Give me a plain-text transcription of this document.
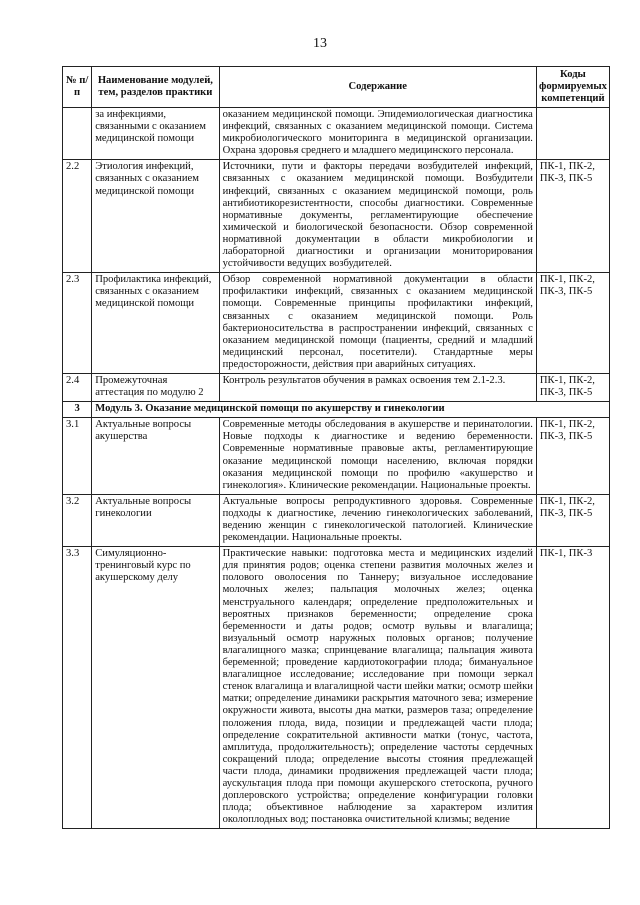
13
№ п/п	Наименование модулей, тем, разделов практики	Содержание	Коды формируемых компетенций
	за инфекциями, связанными с оказанием медицинской помощи	оказанием медицинской помощи. Эпидемиологическая диагностика инфекций, связанных с оказанием медицинской помощи. Система микробиологического мониторинга в медицинской организации. Охрана здоровья среднего и младшего медицинского персонала.	
2.2	Этиология инфекций, связанных с оказанием медицинской помощи	Источники, пути и факторы передачи возбудителей инфекций, связанных с оказанием медицинской помощи. Возбудители инфекций, связанных с оказанием медицинской помощи, роль антибиотикорезистентности, способы диагностики. Современные нормативные документы, регламентирующие обеспечение химической и биологической безопасности. Обзор современной нормативной документации в области микробиологии и лабораторной диагностики и организации мониторирования устойчивости ведущих возбудителей.	ПК-1, ПК-2, ПК-3, ПК-5
2.3	Профилактика инфекций, связанных с оказанием медицинской помощи	Обзор современной нормативной документации в области профилактики инфекций, связанных с оказанием медицинской помощи. Современные принципы профилактики инфекций, связанных с оказанием медицинской помощи. Роль бактерионосительства в распространении инфекций, связанных с оказанием медицинской помощи (пациенты, средний и младший медицинский персонал, посетители). Стандартные меры предосторожности, действия при аварийных ситуациях.	ПК-1, ПК-2, ПК-3, ПК-5
2.4	Промежуточная аттестация по модулю 2	Контроль результатов обучения в рамках освоения тем 2.1-2.3.	ПК-1, ПК-2, ПК-3, ПК-5
3	Модуль 3. Оказание медицинской помощи по акушерству и гинекологии		
3.1	Актуальные вопросы акушерства	Современные методы обследования в акушерстве и перинатологии. Новые подходы к диагностике и ведению беременности. Современные нормативные правовые акты, регламентирующие оказание медицинской помощи населению, включая порядки оказания медицинской помощи по профилю «акушерство и гинекология». Клинические рекомендации. Национальные проекты.	ПК-1, ПК-2, ПК-3, ПК-5
3.2	Актуальные вопросы гинекологии	Актуальные вопросы репродуктивного здоровья. Современные подходы к диагностике, лечению гинекологических заболеваний, ведению женщин с гинекологической патологией. Клинические рекомендации. Национальные проекты.	ПК-1, ПК-2, ПК-3, ПК-5
3.3	Симуляционно-тренинговый курс по акушерскому делу	Практические навыки: подготовка места и медицинских изделий для принятия родов; оценка степени развития молочных желез и полового оволосения по Таннеру; визуальное исследование молочных желез; пальпация молочных желез; оценка менструального календаря; определение предположительных и вероятных признаков беременности; определение срока беременности и даты родов; осмотр вульвы и влагалища; визуальный осмотр наружных половых органов; получение влагалищного мазка; спринцевание влагалища; пальпация живота беременной; проведение кардиотокографии плода; бимануальное влагалищное исследование; исследование при помощи зеркал стенок влагалища и влагалищной части шейки матки; осмотр шейки матки; определение динамики раскрытия маточного зева; измерение окружности живота, высоты дна матки, размеров таза; определение положения плода, вида, позиции и предлежащей части плода; определение сократительной активности матки (тонус, частота, амплитуда, продолжительность); определение частоты сердечных сокращений плода; определение высоты стояния предлежащей части плода, динамики продвижения предлежащей части плода; аускультация плода при помощи акушерского стетоскопа, ручного доплеровского устройства; определение конфигурации головки плода; объективное наблюдение за характером излития околоплодных вод; постановка очистительной клизмы; ведение	ПК-1, ПК-3
